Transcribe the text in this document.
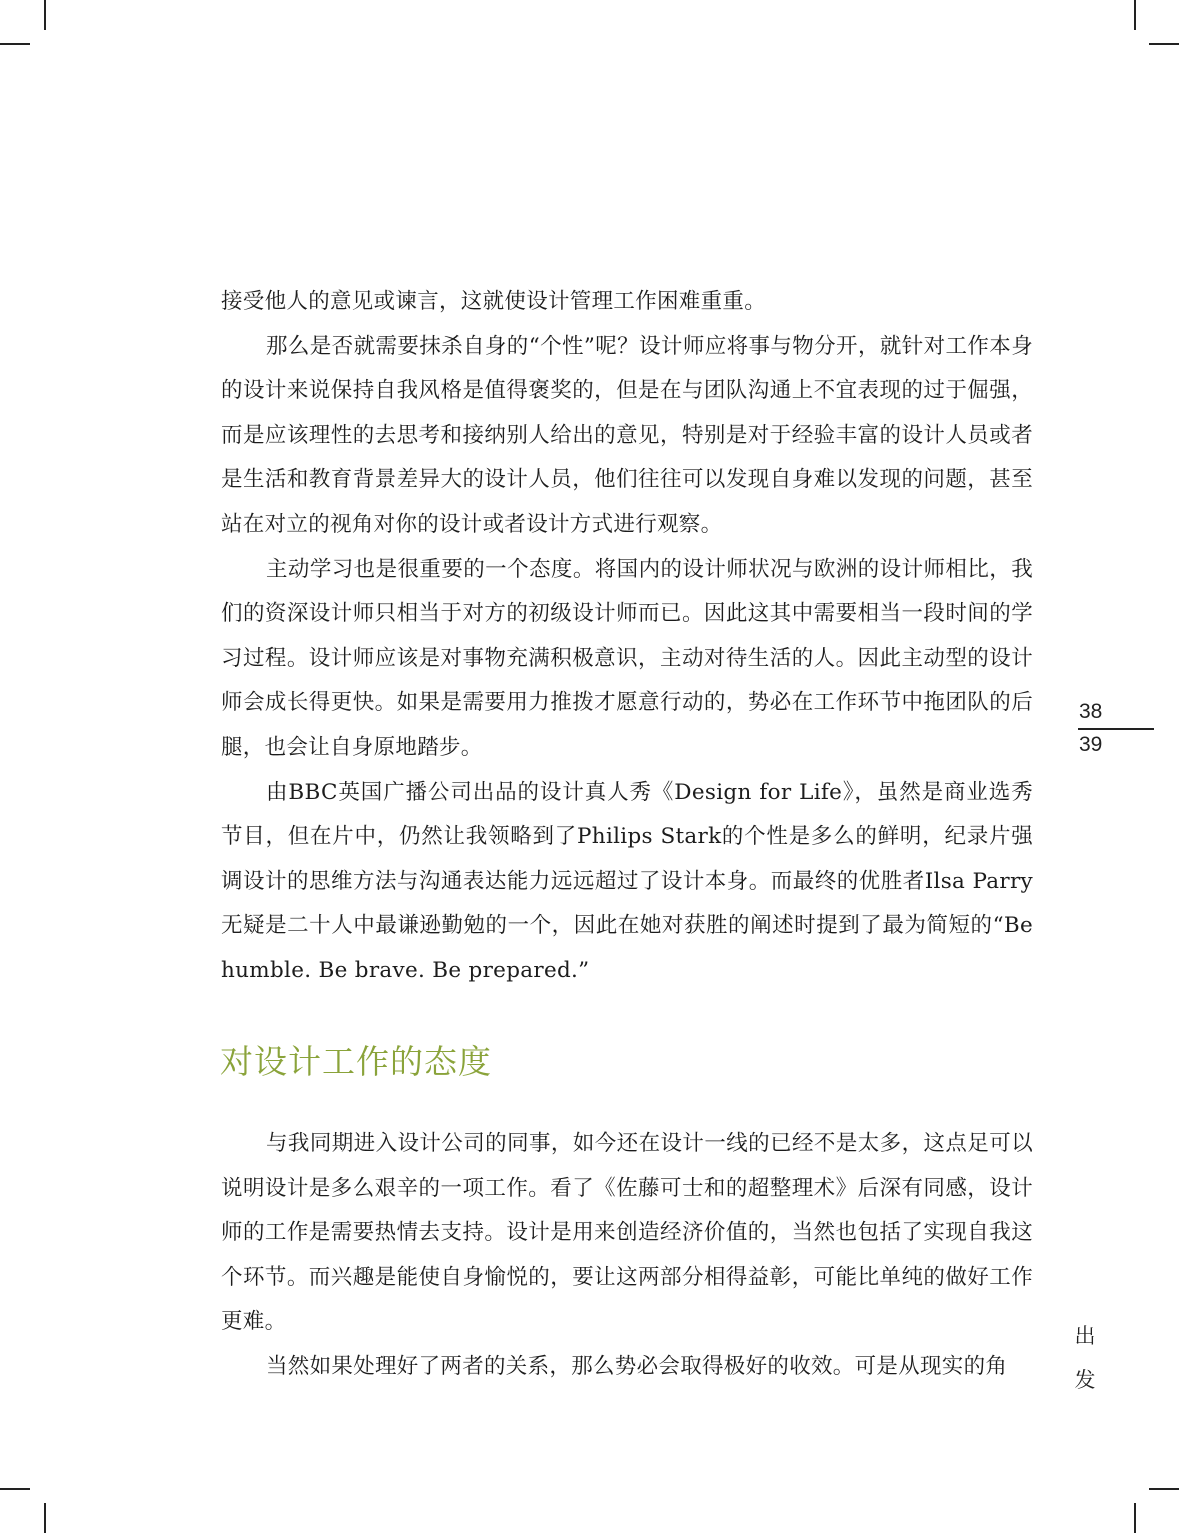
接受他人的意见或谏言，这就使设计管理工作困难重重。

那么是否就需要抹杀自身的“个性”呢？设计师应将事与物分开，就针对工作本身的设计来说保持自我风格是值得褒奖的，但是在与团队沟通上不宜表现的过于倔强，而是应该理性的去思考和接纳别人给出的意见，特别是对于经验丰富的设计人员或者是生活和教育背景差异大的设计人员，他们往往可以发现自身难以发现的问题，甚至站在对立的视角对你的设计或者设计方式进行观察。

主动学习也是很重要的一个态度。将国内的设计师状况与欧洲的设计师相比，我们的资深设计师只相当于对方的初级设计师而已。因此这其中需要相当一段时间的学习过程。设计师应该是对事物充满积极意识，主动对待生活的人。因此主动型的设计师会成长得更快。如果是需要用力推拨才愿意行动的，势必在工作环节中拖团队的后腿，也会让自身原地踏步。

由BBC英国广播公司出品的设计真人秀《Design for Life》，虽然是商业选秀节目，但在片中，仍然让我领略到了Philips Stark的个性是多么的鲜明，纪录片强调设计的思维方法与沟通表达能力远远超过了设计本身。而最终的优胜者Ilsa Parry无疑是二十人中最谦逊勤勉的一个，因此在她对获胜的阐述时提到了最为简短的“Be humble. Be brave. Be prepared.”

对设计工作的态度

与我同期进入设计公司的同事，如今还在设计一线的已经不是太多，这点足可以说明设计是多么艰辛的一项工作。看了《佐藤可士和的超整理术》后深有同感，设计师的工作是需要热情去支持。设计是用来创造经济价值的，当然也包括了实现自我这个环节。而兴趣是能使自身愉悦的，要让这两部分相得益彰，可能比单纯的做好工作更难。

当然如果处理好了两者的关系，那么势必会取得极好的收效。可是从现实的角

38
39
出
发
